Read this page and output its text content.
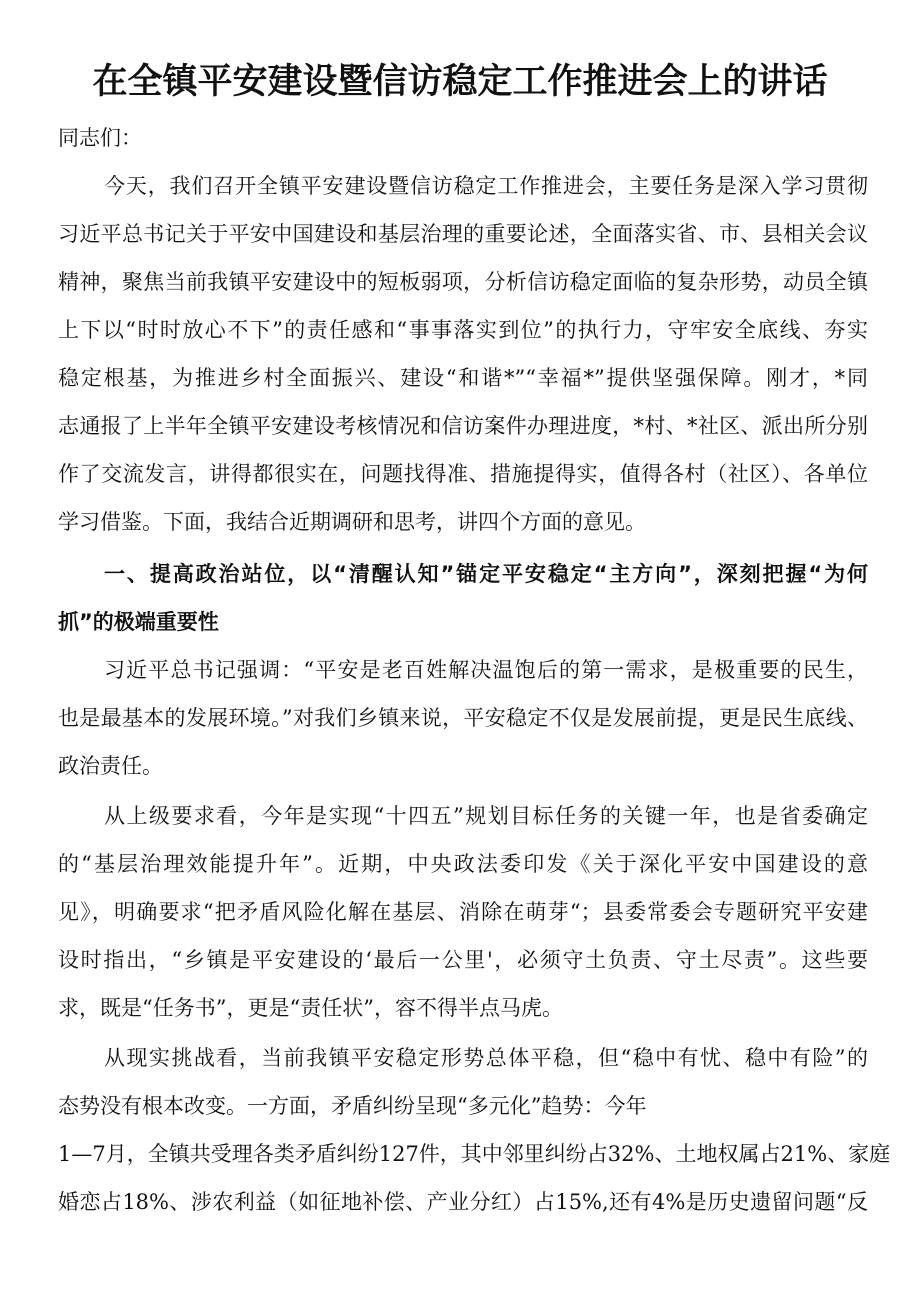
在全镇平安建设暨信访稳定工作推进会上的讲话
同志们：
今天，我们召开全镇平安建设暨信访稳定工作推进会，主要任务是深入学习贯彻
习近平总书记关于平安中国建设和基层治理的重要论述，全面落实省、市、县相关会议
精神，聚焦当前我镇平安建设中的短板弱项，分析信访稳定面临的复杂形势，动员全镇
上下以“时时放心不下”的责任感和“事事落实到位”的执行力，守牢安全底线、夯实
稳定根基，为推进乡村全面振兴、建设“和谐*”“幸福*”提供坚强保障。刚才，*同
志通报了上半年全镇平安建设考核情况和信访案件办理进度，*村、*社区、派出所分别
作了交流发言，讲得都很实在，问题找得准、措施提得实，值得各村（社区）、各单位
学习借鉴。下面，我结合近期调研和思考，讲四个方面的意见。
一、提高政治站位，以“清醒认知”锚定平安稳定“主方向”，深刻把握“为何
抓”的极端重要性
习近平总书记强调：“平安是老百姓解决温饱后的第一需求，是极重要的民生，
也是最基本的发展环境。”对我们乡镇来说，平安稳定不仅是发展前提，更是民生底线、
政治责任。
从上级要求看，今年是实现“十四五”规划目标任务的关键一年，也是省委确定
的“基层治理效能提升年”。近期，中央政法委印发《关于深化平安中国建设的意
见》，明确要求“把矛盾风险化解在基层、消除在萌芽“；县委常委会专题研究平安建
设时指出，“乡镇是平安建设的‘最后一公里'，必须守土负责、守土尽责”。这些要
求，既是“任务书”，更是“责任状”，容不得半点马虎。
从现实挑战看，当前我镇平安稳定形势总体平稳，但“稳中有忧、稳中有险”的
态势没有根本改变。一方面，矛盾纠纷呈现“多元化”趋势：今年
1—7月，全镇共受理各类矛盾纠纷127件，其中邻里纠纷占32%、土地权属占21%、家庭
婚恋占18%、涉农利益（如征地补偿、产业分红）占15%,还有4%是历史遗留问题“反
